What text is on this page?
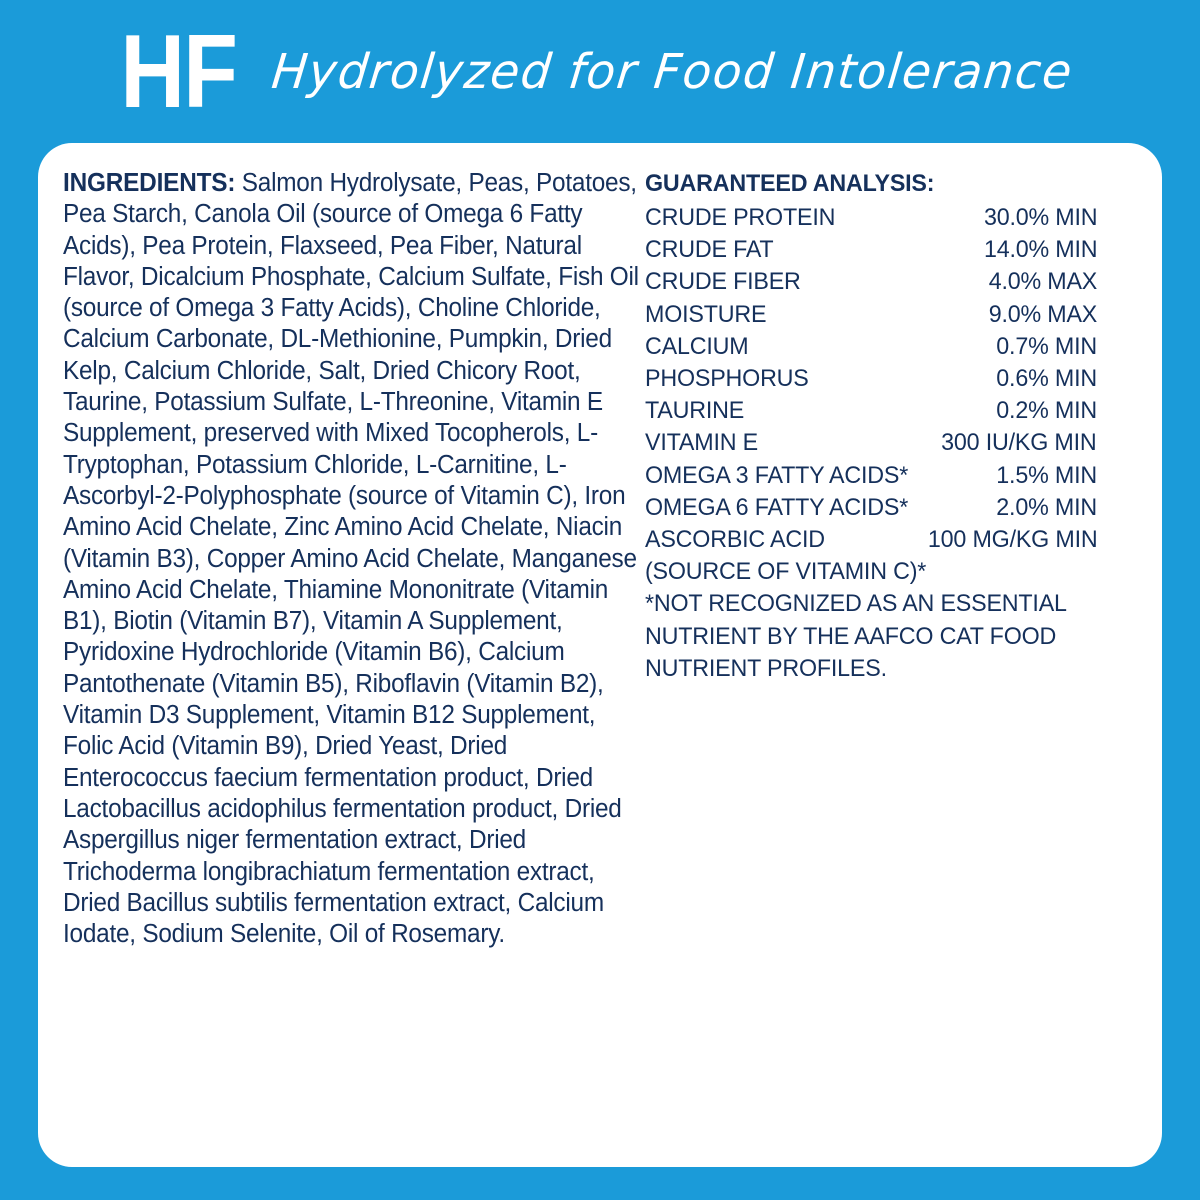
HF Hydrolyzed for Food Intolerance
INGREDIENTS: Salmon Hydrolysate, Peas, Potatoes, Pea Starch, Canola Oil (source of Omega 6 Fatty Acids), Pea Protein, Flaxseed, Pea Fiber, Natural Flavor, Dicalcium Phosphate, Calcium Sulfate, Fish Oil (source of Omega 3 Fatty Acids), Choline Chloride, Calcium Carbonate, DL-Methionine, Pumpkin, Dried Kelp, Calcium Chloride, Salt, Dried Chicory Root, Taurine, Potassium Sulfate, L-Threonine, Vitamin E Supplement, preserved with Mixed Tocopherols, L-Tryptophan, Potassium Chloride, L-Carnitine, L-Ascorbyl-2-Polyphosphate (source of Vitamin C), Iron Amino Acid Chelate, Zinc Amino Acid Chelate, Niacin (Vitamin B3), Copper Amino Acid Chelate, Manganese Amino Acid Chelate, Thiamine Mononitrate (Vitamin B1), Biotin (Vitamin B7), Vitamin A Supplement, Pyridoxine Hydrochloride (Vitamin B6), Calcium Pantothenate (Vitamin B5), Riboflavin (Vitamin B2), Vitamin D3 Supplement, Vitamin B12 Supplement, Folic Acid (Vitamin B9), Dried Yeast, Dried Enterococcus faecium fermentation product, Dried Lactobacillus acidophilus fermentation product, Dried Aspergillus niger fermentation extract, Dried Trichoderma longibrachiatum fermentation extract, Dried Bacillus subtilis fermentation extract, Calcium Iodate, Sodium Selenite, Oil of Rosemary.
GUARANTEED ANALYSIS:
CRUDE PROTEIN	30.0% MIN
CRUDE FAT	14.0% MIN
CRUDE FIBER	4.0% MAX
MOISTURE	9.0% MAX
CALCIUM	0.7% MIN
PHOSPHORUS	0.6% MIN
TAURINE	0.2% MIN
VITAMIN E	300 IU/KG MIN
OMEGA 3 FATTY ACIDS*	1.5% MIN
OMEGA 6 FATTY ACIDS*	2.0% MIN
ASCORBIC ACID	100 MG/KG MIN
(SOURCE OF VITAMIN C)*
*NOT RECOGNIZED AS AN ESSENTIAL NUTRIENT BY THE AAFCO CAT FOOD NUTRIENT PROFILES.
